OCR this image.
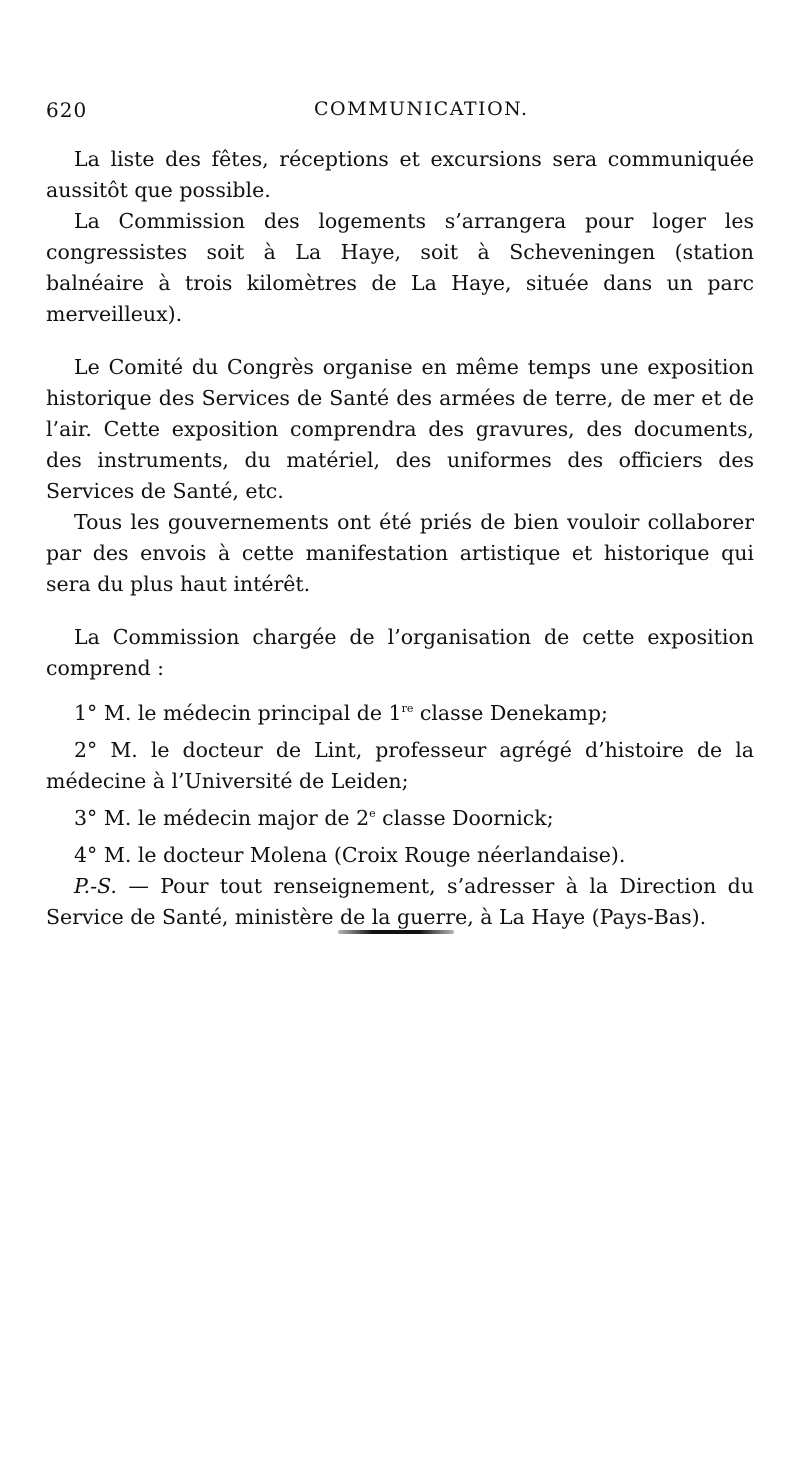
620	COMMUNICATION.

La liste des fêtes, réceptions et excursions sera communiquée aussitôt que possible.

La Commission des logements s’arrangera pour loger les congressistes soit à La Haye, soit à Scheveningen (station balnéaire à trois kilomètres de La Haye, située dans un parc merveilleux).

Le Comité du Congrès organise en même temps une exposition historique des Services de Santé des armées de terre, de mer et de l’air. Cette exposition comprendra des gravures, des documents, des instruments, du matériel, des uniformes des officiers des Services de Santé, etc.

Tous les gouvernements ont été priés de bien vouloir collaborer par des envois à cette manifestation artistique et historique qui sera du plus haut intérêt.

La Commission chargée de l’organisation de cette exposition comprend :

1° M. le médecin principal de 1re classe Denekamp;

2° M. le docteur de Lint, professeur agrégé d’histoire de la médecine à l’Université de Leiden;

3° M. le médecin major de 2e classe Doornick;

4° M. le docteur Molena (Croix Rouge néerlandaise).

P.-S. — Pour tout renseignement, s’adresser à la Direction du Service de Santé, ministère de la guerre, à La Haye (Pays-Bas).
